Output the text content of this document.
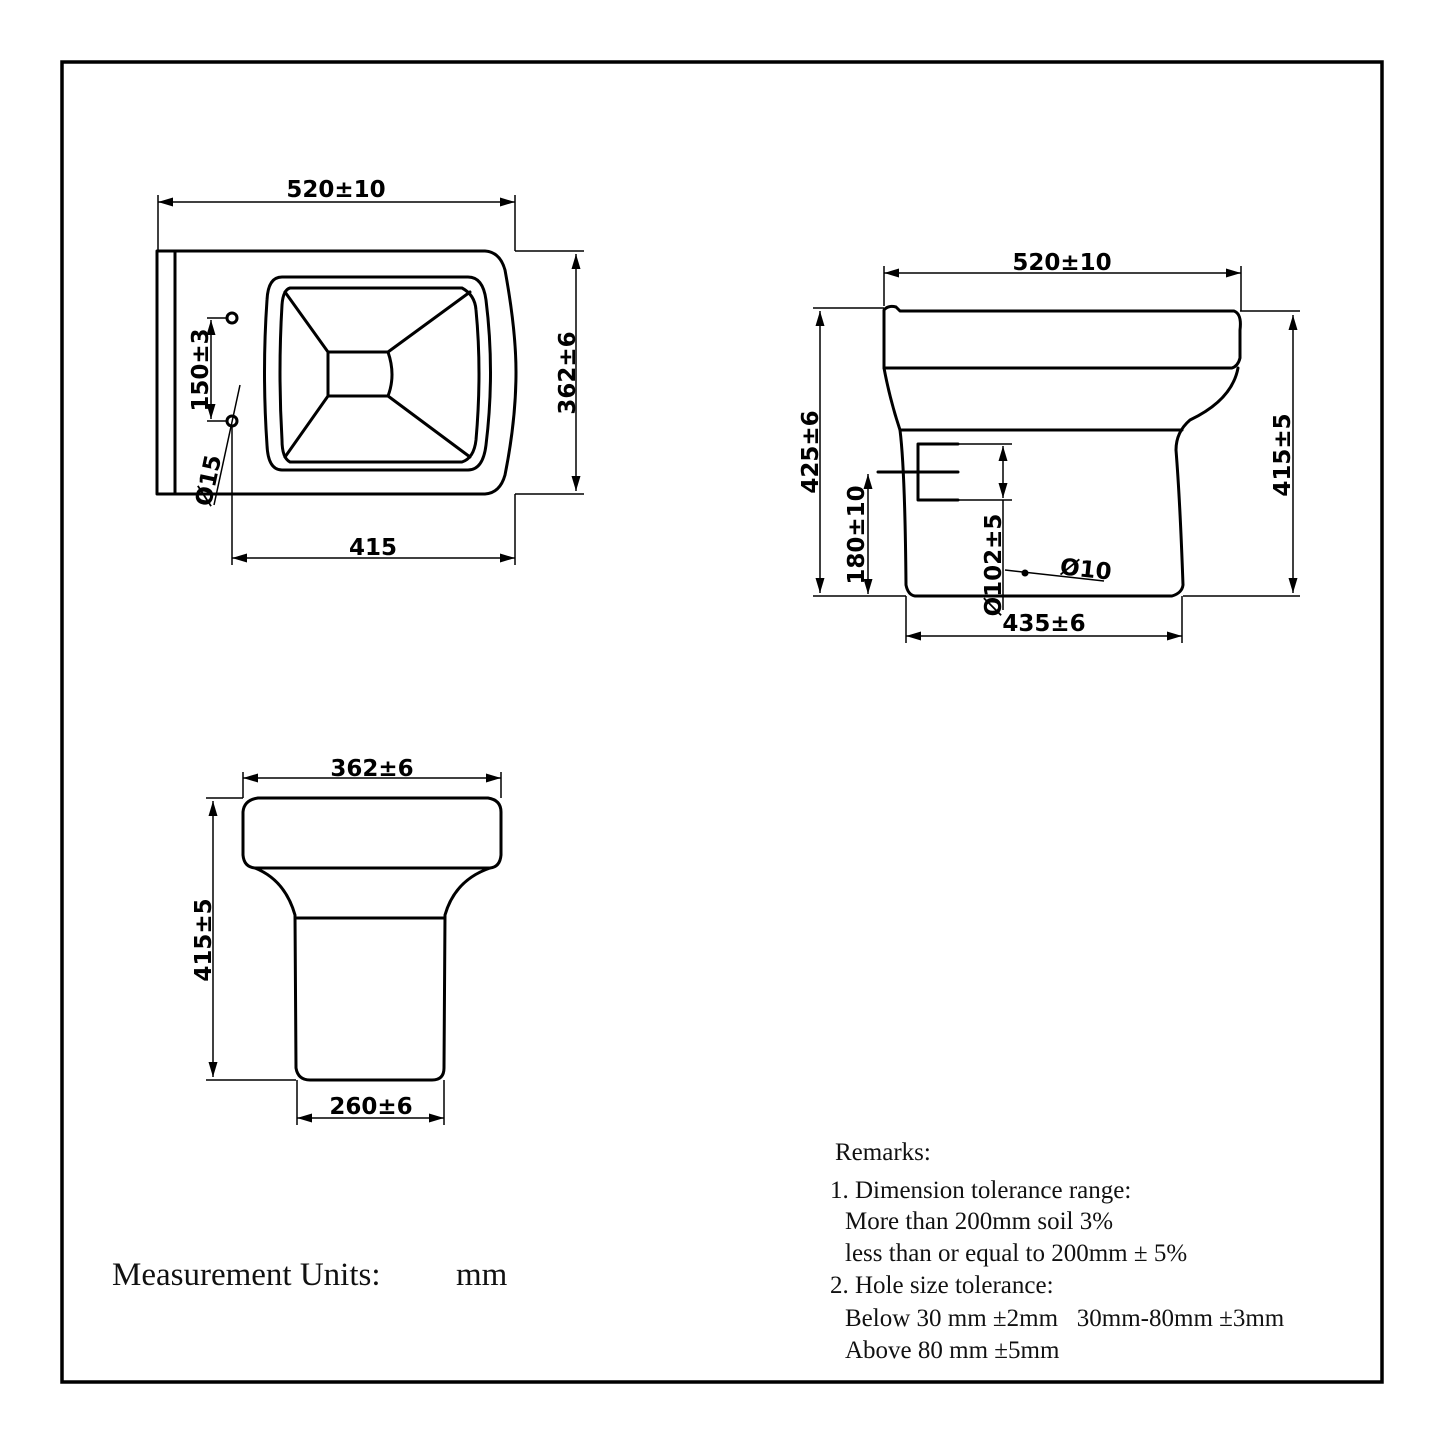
520±10
362±6
150±3
Ø15
415	Ø102±5
520±10
425±6
180±10
415±5
Ø10
435±6
362±6
415±5
260±6
Measurement Units: mm
Remarks:
1. Dimension tolerance range:
More than 200mm soil 3%
less than or equal to 200mm ± 5%
2. Hole size tolerance:
Below 30 mm ±2mm   30mm-80mm ±3mm
Above 80 mm ±5mm
